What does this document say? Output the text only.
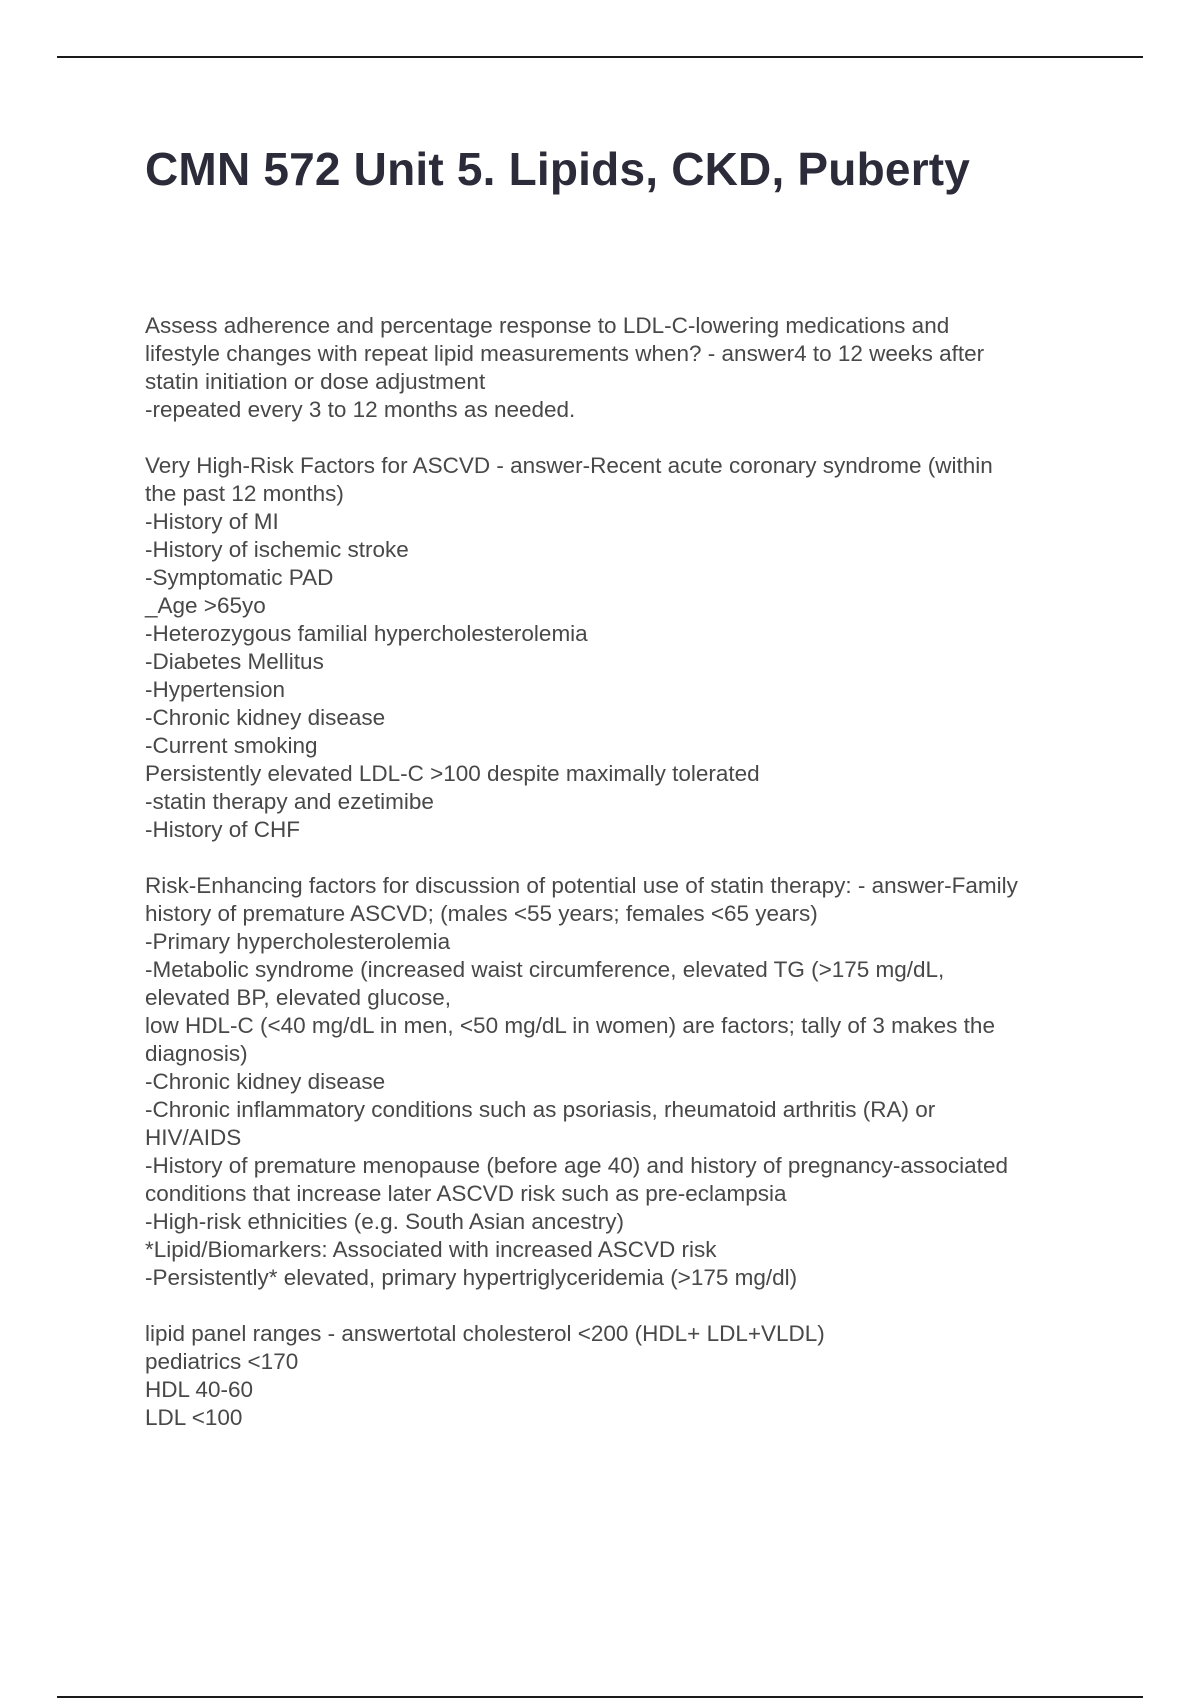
CMN 572 Unit 5. Lipids, CKD, Puberty
Assess adherence and percentage response to LDL-C-lowering medications and
lifestyle changes with repeat lipid measurements when? - answer4 to 12 weeks after
statin initiation or dose adjustment
-repeated every 3 to 12 months as needed.
Very High-Risk Factors for ASCVD - answer-Recent acute coronary syndrome (within
the past 12 months)
-History of MI
-History of ischemic stroke
-Symptomatic PAD
_Age >65yo
-Heterozygous familial hypercholesterolemia
-Diabetes Mellitus
-Hypertension
-Chronic kidney disease
-Current smoking
Persistently elevated LDL-C >100 despite maximally tolerated
-statin therapy and ezetimibe
-History of CHF
Risk-Enhancing factors for discussion of potential use of statin therapy: - answer-Family
history of premature ASCVD; (males <55 years; females <65 years)
-Primary hypercholesterolemia
-Metabolic syndrome (increased waist circumference, elevated TG (>175 mg/dL,
elevated BP, elevated glucose,
low HDL-C (<40 mg/dL in men, <50 mg/dL in women) are factors; tally of 3 makes the
diagnosis)
-Chronic kidney disease
-Chronic inflammatory conditions such as psoriasis, rheumatoid arthritis (RA) or
HIV/AIDS
-History of premature menopause (before age 40) and history of pregnancy-associated
conditions that increase later ASCVD risk such as pre-eclampsia
-High-risk ethnicities (e.g. South Asian ancestry)
*Lipid/Biomarkers: Associated with increased ASCVD risk
-Persistently* elevated, primary hypertriglyceridemia (>175 mg/dl)
lipid panel ranges - answertotal cholesterol <200 (HDL+ LDL+VLDL)
pediatrics <170
HDL 40-60
LDL <100
